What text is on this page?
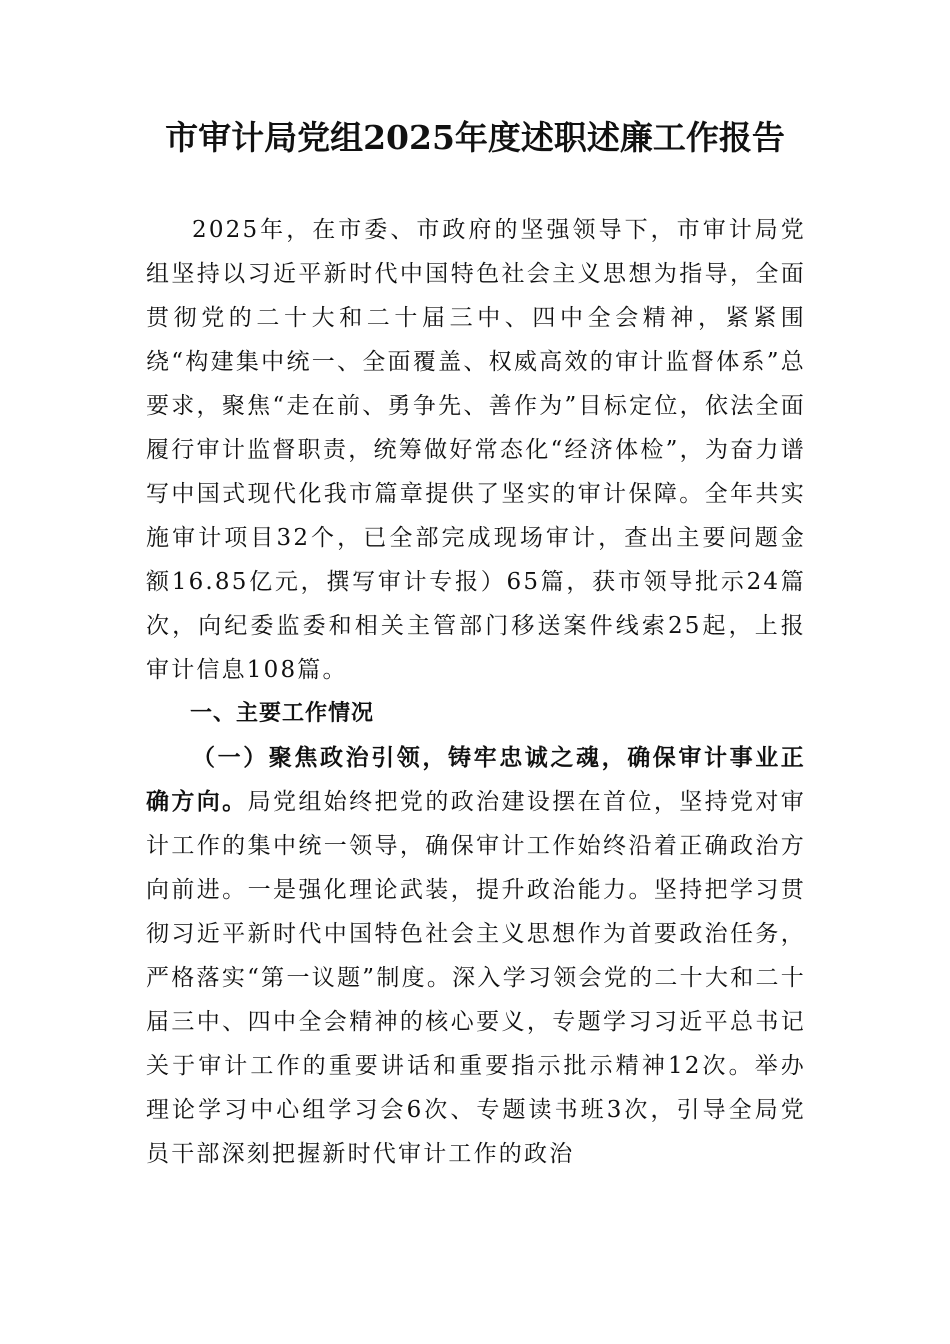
市审计局党组2025年度述职述廉工作报告

2025年，在市委、市政府的坚强领导下，市审计局党组坚持以习近平新时代中国特色社会主义思想为指导，全面贯彻党的二十大和二十届三中、四中全会精神，紧紧围绕“构建集中统一、全面覆盖、权威高效的审计监督体系”总要求，聚焦“走在前、勇争先、善作为”目标定位，依法全面履行审计监督职责，统筹做好常态化“经济体检”，为奋力谱写中国式现代化我市篇章提供了坚实的审计保障。全年共实施审计项目32个，已全部完成现场审计，查出主要问题金额16.85亿元，撰写审计专报）65篇，获市领导批示24篇次，向纪委监委和相关主管部门移送案件线索25起，上报审计信息108篇。

一、主要工作情况

（一）聚焦政治引领，铸牢忠诚之魂，确保审计事业正确方向。局党组始终把党的政治建设摆在首位，坚持党对审计工作的集中统一领导，确保审计工作始终沿着正确政治方向前进。一是强化理论武装，提升政治能力。坚持把学习贯彻习近平新时代中国特色社会主义思想作为首要政治任务，严格落实“第一议题”制度。深入学习领会党的二十大和二十届三中、四中全会精神的核心要义，专题学习习近平总书记关于审计工作的重要讲话和重要指示批示精神12次。举办理论学习中心组学习会6次、专题读书班3次，引导全局党员干部深刻把握新时代审计工作的政治
